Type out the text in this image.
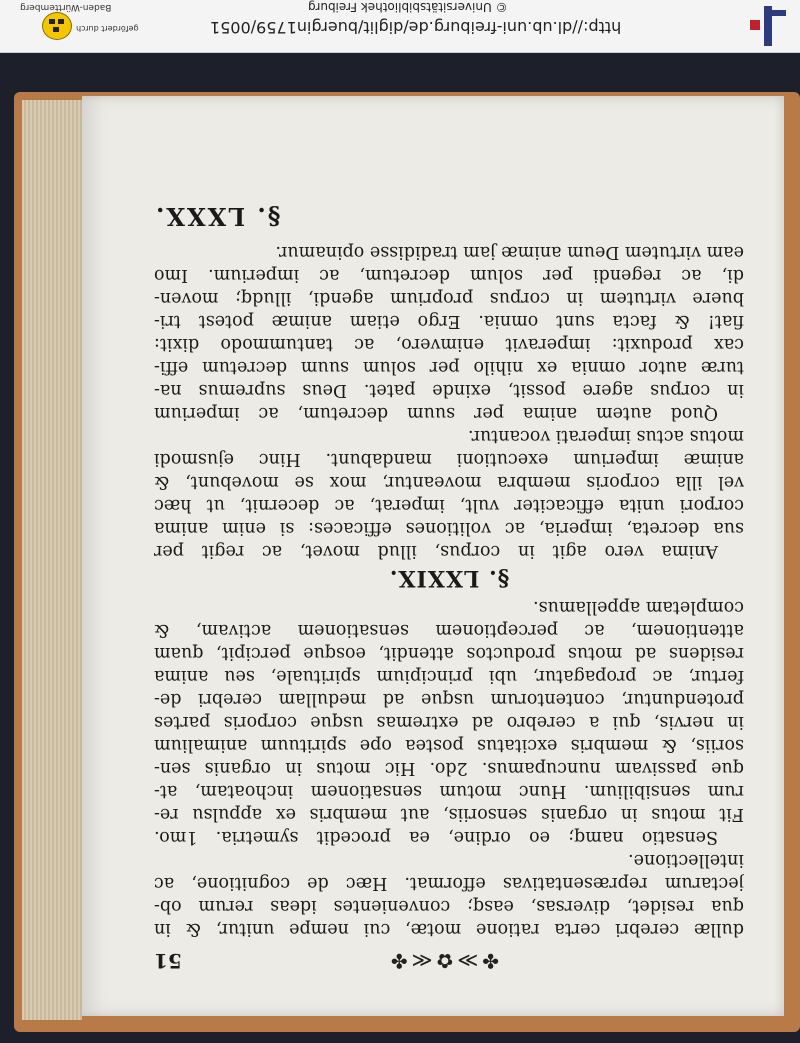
http://dl.ub.uni-freiburg.de/diglit/buergin1759/0051
© Universitätsbibliothek Freiburg
gefördert durch
Baden-Württemberg
✤≫✿≪✤
51
dullæ cerebri certa ratione motæ, cui nempe unitur, & in
qua residet, diversas, easq; convenientes ideas rerum ob-
jectarum repræsentativas efformat. Hæc de cognitione, ac
intellectione.
Sensatio namq; eo ordine, ea procedit symetria. 1mo.
Fit motus in organis sensoriis, aut membris ex appulsu re-
rum sensibilium. Hunc motum sensationem inchoatam, at-
que passivam nuncupamus. 2do. Hic motus in organis sen-
soriis, & membris excitatus postea ope spirituum animalium
in nervis, qui a cerebro ad extremas usque corporis partes
protenduntur, contentorum usque ad medullam cerebri de-
fertur, ac propagatur, ubi principium spirituale, seu anima
residens ad motus productos attendit, eosque percipit, quam
attentionem, ac perceptionem sensationem activam, &
completam appellamus.
§. LXXIX.
Anima vero agit in corpus, illud movet, ac regit per
sua decreta, imperia, ac volitiones efficaces: si enim anima
corpori unita efficaciter vult, imperat, ac decernit, ut hæc
vel illa corporis membra moveantur, mox se movebunt, &
animæ imperium executioni mandabunt. Hinc ejusmodi
motus actus imperati vocantur.
Quod autem anima per suum decretum, ac imperium
in corpus agere possit, exinde patet. Deus supremus na-
turæ autor omnia ex nihilo per solum suum decretum effi-
cax produxit: imperavit enimvero, ac tantummodo dixit:
fiat! & facta sunt omnia. Ergo etiam animæ potest tri-
buere virtutem in corpus proprium agendi, illudq; moven-
di, ac regendi per solum decretum, ac imperium. Imo
eam virtutem Deum animæ jam tradidisse opinamur.
§. LXXX.
